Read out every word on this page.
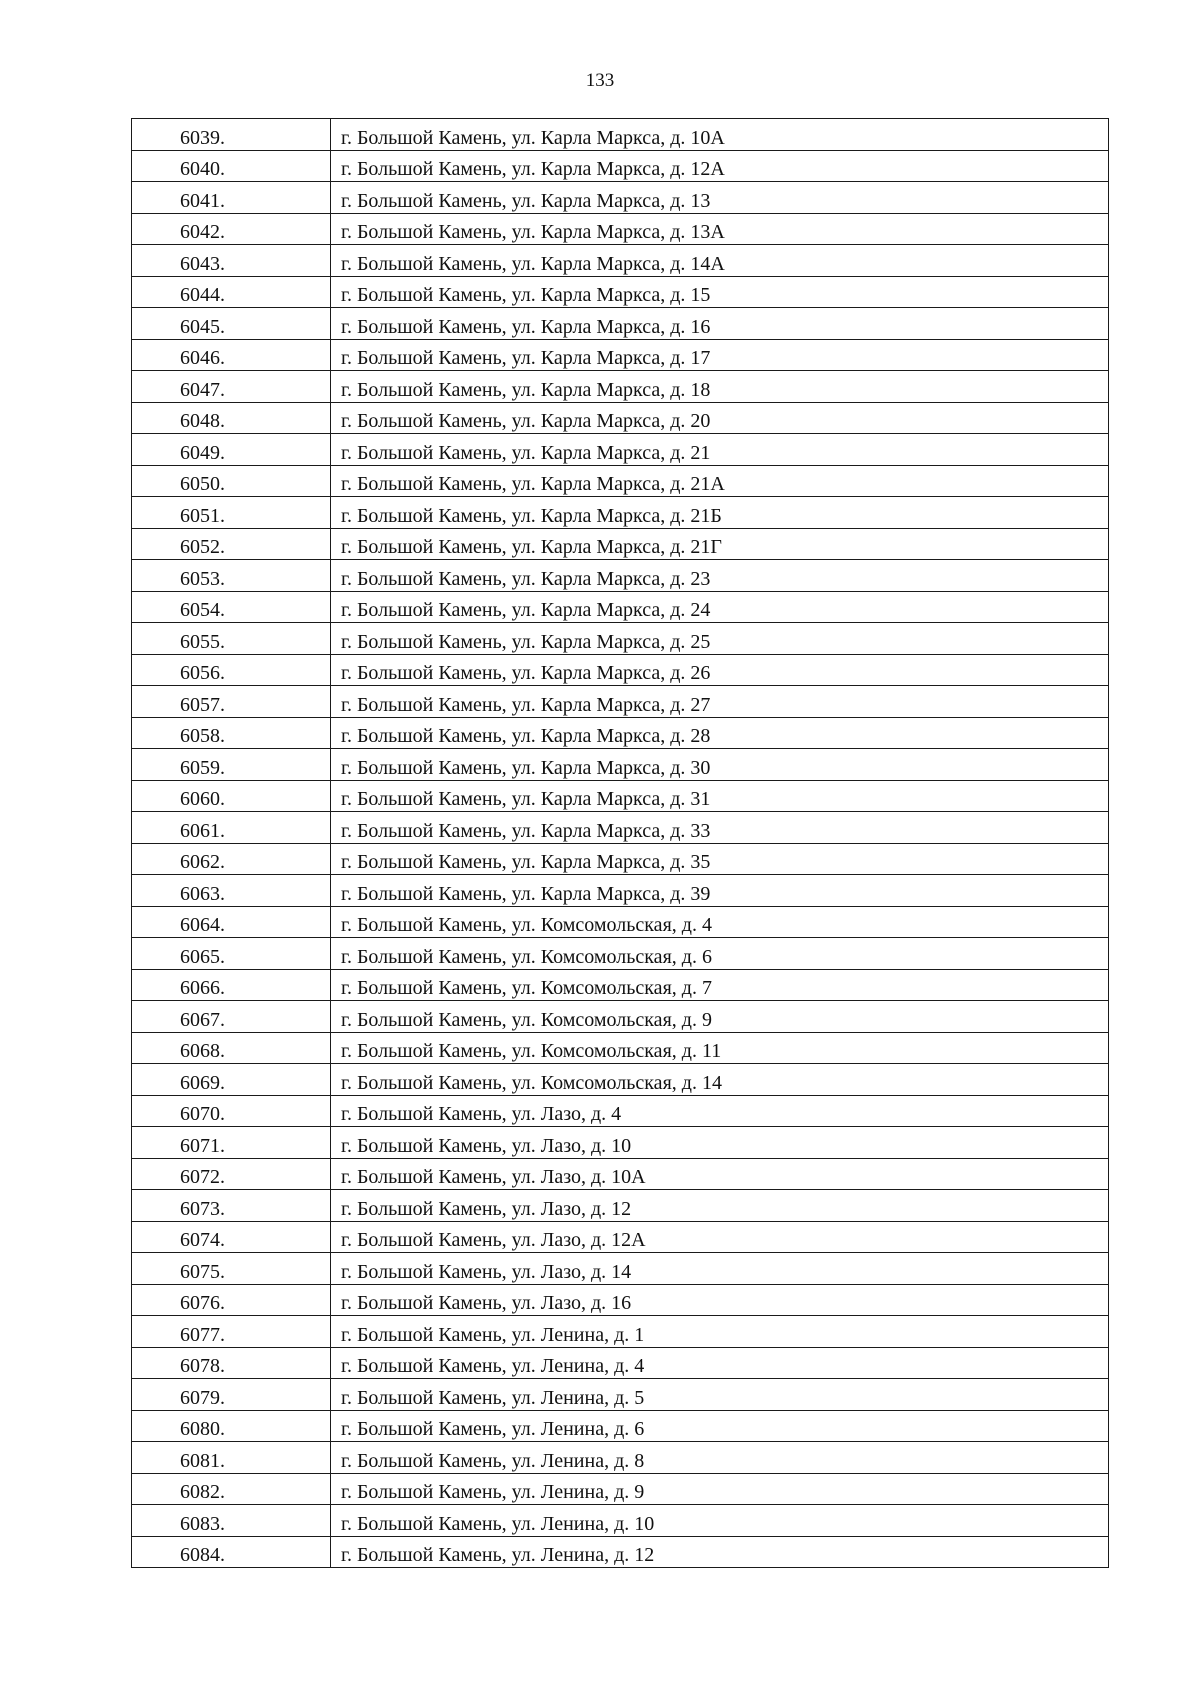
133
6039.	г. Большой Камень, ул. Карла Маркса, д. 10А
6040.	г. Большой Камень, ул. Карла Маркса, д. 12А
6041.	г. Большой Камень, ул. Карла Маркса, д. 13
6042.	г. Большой Камень, ул. Карла Маркса, д. 13А
6043.	г. Большой Камень, ул. Карла Маркса, д. 14А
6044.	г. Большой Камень, ул. Карла Маркса, д. 15
6045.	г. Большой Камень, ул. Карла Маркса, д. 16
6046.	г. Большой Камень, ул. Карла Маркса, д. 17
6047.	г. Большой Камень, ул. Карла Маркса, д. 18
6048.	г. Большой Камень, ул. Карла Маркса, д. 20
6049.	г. Большой Камень, ул. Карла Маркса, д. 21
6050.	г. Большой Камень, ул. Карла Маркса, д. 21А
6051.	г. Большой Камень, ул. Карла Маркса, д. 21Б
6052.	г. Большой Камень, ул. Карла Маркса, д. 21Г
6053.	г. Большой Камень, ул. Карла Маркса, д. 23
6054.	г. Большой Камень, ул. Карла Маркса, д. 24
6055.	г. Большой Камень, ул. Карла Маркса, д. 25
6056.	г. Большой Камень, ул. Карла Маркса, д. 26
6057.	г. Большой Камень, ул. Карла Маркса, д. 27
6058.	г. Большой Камень, ул. Карла Маркса, д. 28
6059.	г. Большой Камень, ул. Карла Маркса, д. 30
6060.	г. Большой Камень, ул. Карла Маркса, д. 31
6061.	г. Большой Камень, ул. Карла Маркса, д. 33
6062.	г. Большой Камень, ул. Карла Маркса, д. 35
6063.	г. Большой Камень, ул. Карла Маркса, д. 39
6064.	г. Большой Камень, ул. Комсомольская, д. 4
6065.	г. Большой Камень, ул. Комсомольская, д. 6
6066.	г. Большой Камень, ул. Комсомольская, д. 7
6067.	г. Большой Камень, ул. Комсомольская, д. 9
6068.	г. Большой Камень, ул. Комсомольская, д. 11
6069.	г. Большой Камень, ул. Комсомольская, д. 14
6070.	г. Большой Камень, ул. Лазо, д. 4
6071.	г. Большой Камень, ул. Лазо, д. 10
6072.	г. Большой Камень, ул. Лазо, д. 10А
6073.	г. Большой Камень, ул. Лазо, д. 12
6074.	г. Большой Камень, ул. Лазо, д. 12А
6075.	г. Большой Камень, ул. Лазо, д. 14
6076.	г. Большой Камень, ул. Лазо, д. 16
6077.	г. Большой Камень, ул. Ленина, д. 1
6078.	г. Большой Камень, ул. Ленина, д. 4
6079.	г. Большой Камень, ул. Ленина, д. 5
6080.	г. Большой Камень, ул. Ленина, д. 6
6081.	г. Большой Камень, ул. Ленина, д. 8
6082.	г. Большой Камень, ул. Ленина, д. 9
6083.	г. Большой Камень, ул. Ленина, д. 10
6084.	г. Большой Камень, ул. Ленина, д. 12
